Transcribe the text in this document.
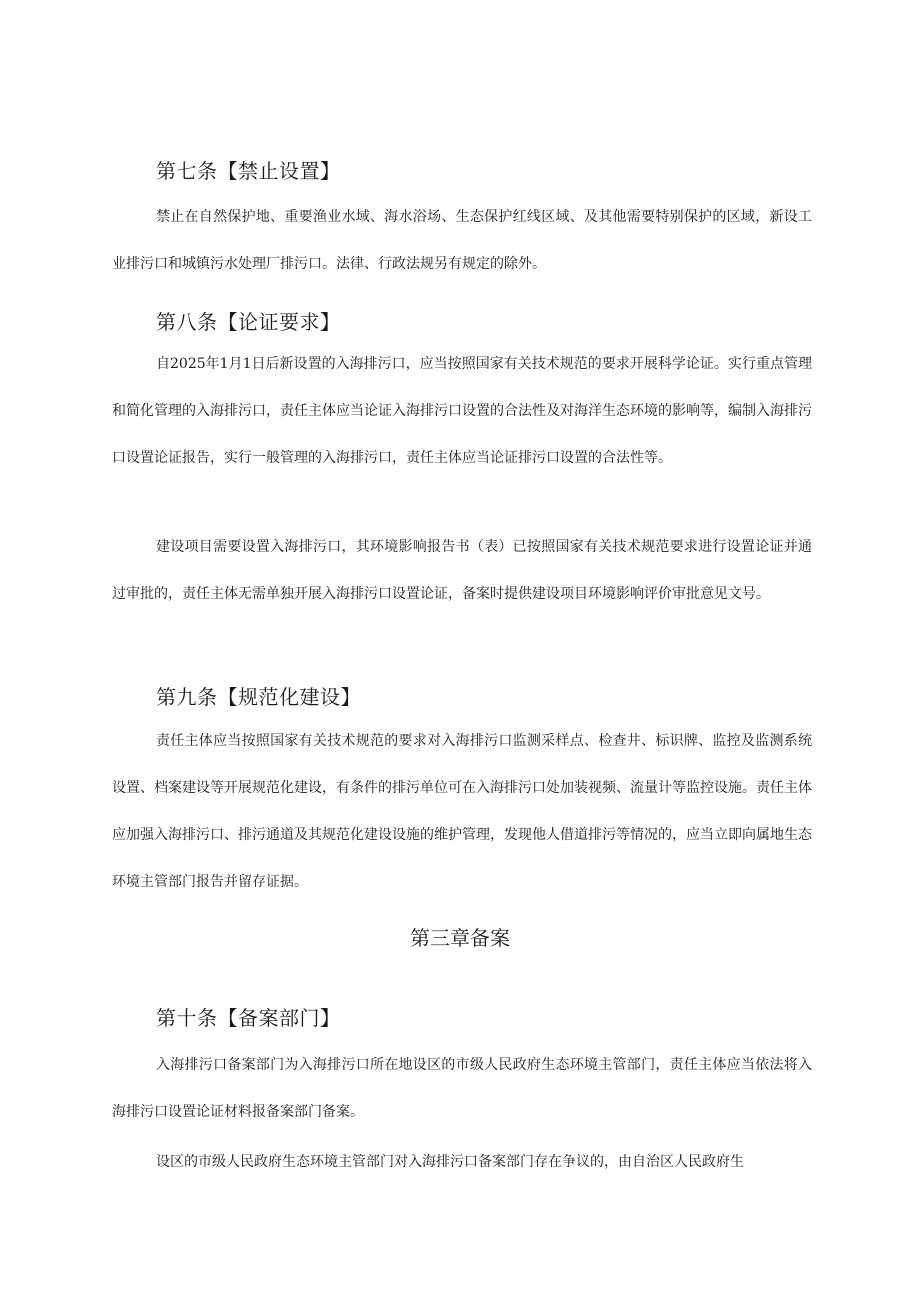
第七条【禁止设置】
禁止在自然保护地、重要渔业水域、海水浴场、生态保护红线区域、及其他需要特别保护的区域，新设工业排污口和城镇污水处理厂排污口。法律、行政法规另有规定的除外。
第八条【论证要求】
自2025年1月1日后新设置的入海排污口，应当按照国家有关技术规范的要求开展科学论证。实行重点管理和简化管理的入海排污口，责任主体应当论证入海排污口设置的合法性及对海洋生态环境的影响等，编制入海排污口设置论证报告，实行一般管理的入海排污口，责任主体应当论证排污口设置的合法性等。
建设项目需要设置入海排污口，其环境影响报告书（表）已按照国家有关技术规范要求进行设置论证并通过审批的，责任主体无需单独开展入海排污口设置论证，备案时提供建设项目环境影响评价审批意见文号。
第九条【规范化建设】
责任主体应当按照国家有关技术规范的要求对入海排污口监测采样点、检查井、标识牌、监控及监测系统设置、档案建设等开展规范化建设，有条件的排污单位可在入海排污口处加装视频、流量计等监控设施。责任主体应加强入海排污口、排污通道及其规范化建设设施的维护管理，发现他人借道排污等情况的，应当立即向属地生态环境主管部门报告并留存证据。
第三章备案
第十条【备案部门】
入海排污口备案部门为入海排污口所在地设区的市级人民政府生态环境主管部门，责任主体应当依法将入海排污口设置论证材料报备案部门备案。
设区的市级人民政府生态环境主管部门对入海排污口备案部门存在争议的，由自治区人民政府生
